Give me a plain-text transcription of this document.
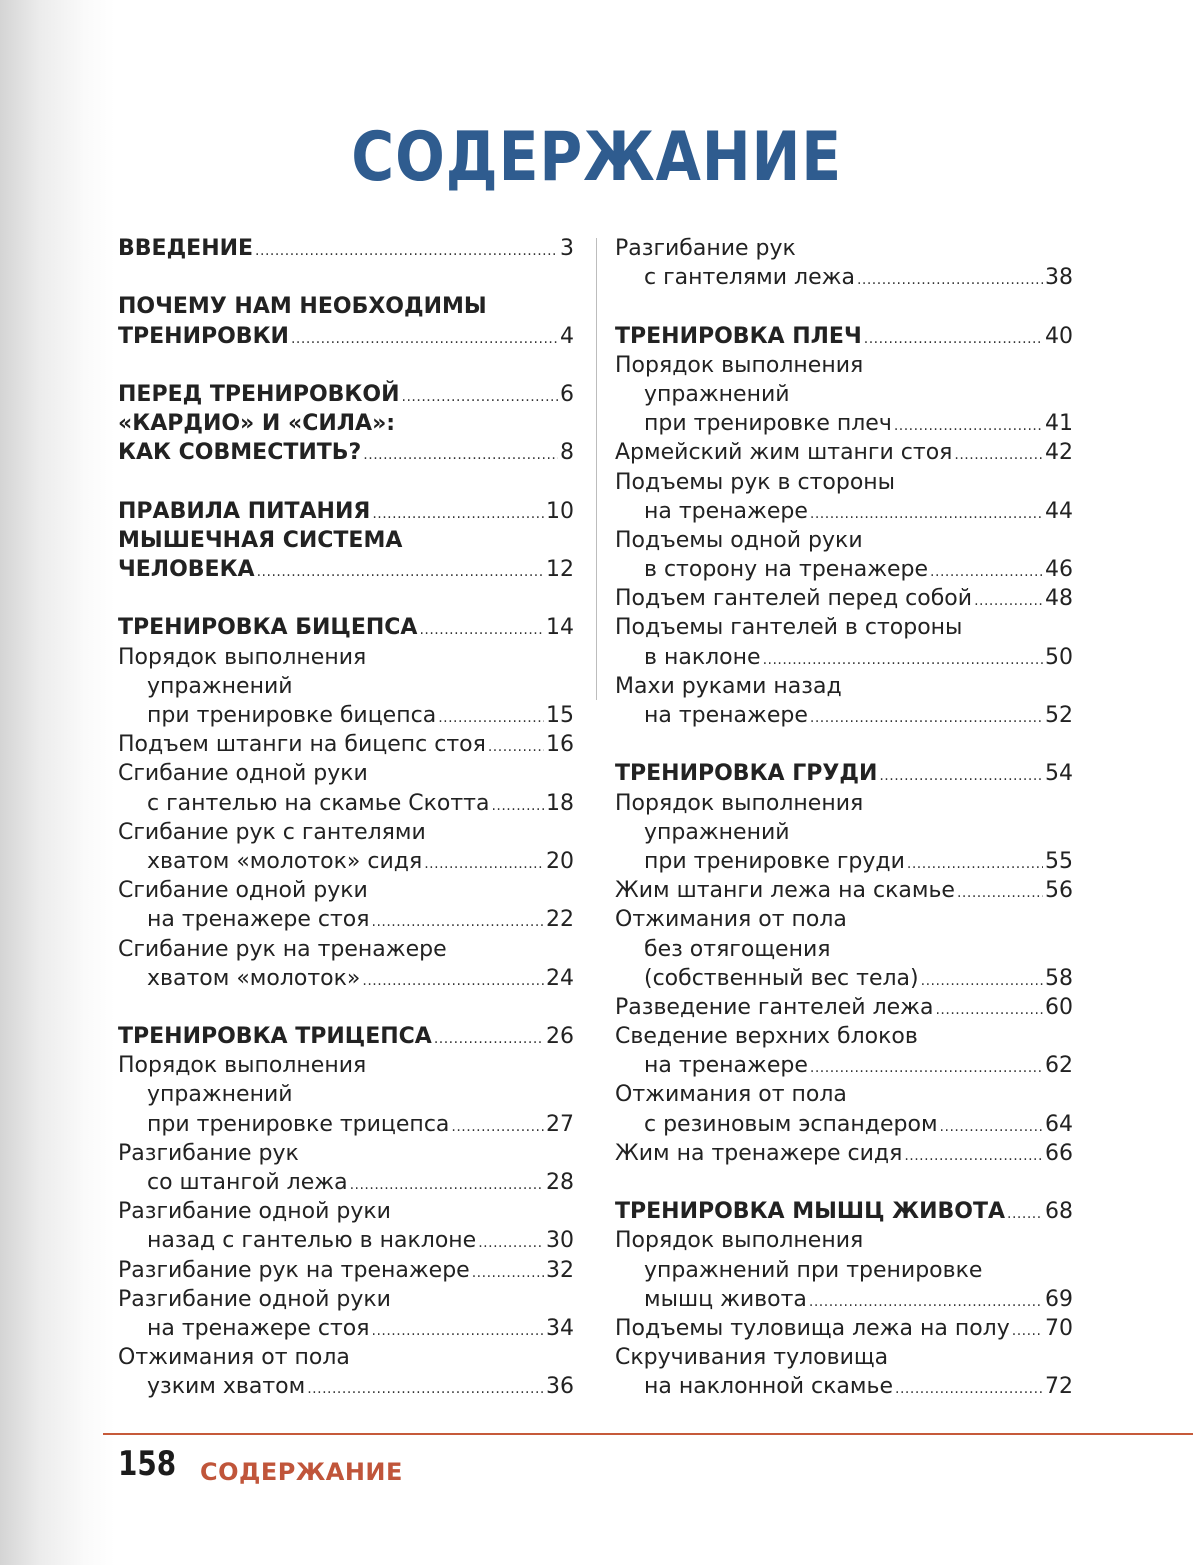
СОДЕРЖАНИЕ
ВВЕДЕНИЕ .....	3
ПОЧЕМУ НАМ НЕОБХОДИМЫ
ТРЕНИРОВКИ .....	4
ПЕРЕД ТРЕНИРОВКОЙ .....	6
«КАРДИО» И «СИЛА»:
КАК СОВМЕСТИТЬ? .....	8
ПРАВИЛА ПИТАНИЯ .....	10
МЫШЕЧНАЯ СИСТЕМА
ЧЕЛОВЕКА .....	12
ТРЕНИРОВКА БИЦЕПСА .....	14
Порядок выполнения
упражнений
при тренировке бицепса .....	15
Подъем штанги на бицепс стоя .....	16
Сгибание одной руки
с гантелью на скамье Скотта .....	18
Сгибание рук с гантелями
хватом «молоток» сидя .....	20
Сгибание одной руки
на тренажере стоя .....	22
Сгибание рук на тренажере
хватом «молоток» .....	24
ТРЕНИРОВКА ТРИЦЕПСА .....	26
Порядок выполнения
упражнений
при тренировке трицепса .....	27
Разгибание рук
со штангой лежа .....	28
Разгибание одной руки
назад с гантелью в наклоне .....	30
Разгибание рук на тренажере .....	32
Разгибание одной руки
на тренажере стоя .....	34
Отжимания от пола
узким хватом .....	36
Разгибание рук
с гантелями лежа .....	38
ТРЕНИРОВКА ПЛЕЧ .....	40
Порядок выполнения
упражнений
при тренировке плеч .....	41
Армейский жим штанги стоя .....	42
Подъемы рук в стороны
на тренажере .....	44
Подъемы одной руки
в сторону на тренажере .....	46
Подъем гантелей перед собой .....	48
Подъемы гантелей в стороны
в наклоне .....	50
Махи руками назад
на тренажере .....	52
ТРЕНИРОВКА ГРУДИ .....	54
Порядок выполнения
упражнений
при тренировке груди .....	55
Жим штанги лежа на скамье .....	56
Отжимания от пола
без отягощения
(собственный вес тела) .....	58
Разведение гантелей лежа .....	60
Сведение верхних блоков
на тренажере .....	62
Отжимания от пола
с резиновым эспандером .....	64
Жим на тренажере сидя .....	66
ТРЕНИРОВКА МЫШЦ ЖИВОТА ..... 68
Порядок выполнения
упражнений при тренировке
мышц живота .....	69
Подъемы туловища лежа на полу ..... 70
Скручивания туловища
на наклонной скамье .....	72
158 СОДЕРЖАНИЕ
